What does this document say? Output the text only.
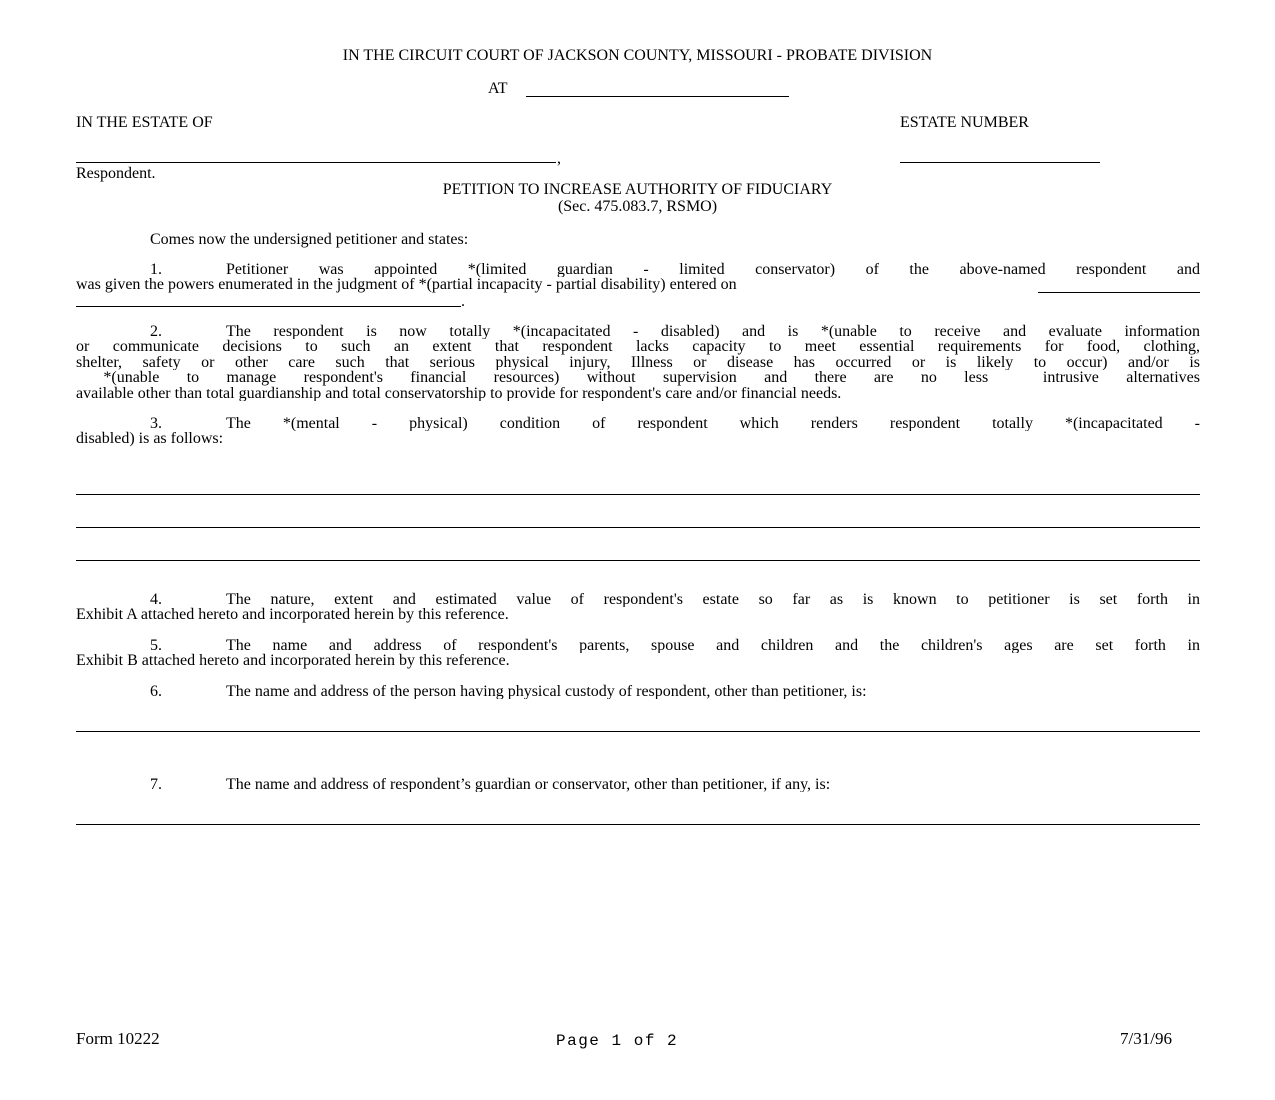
IN THE CIRCUIT COURT OF JACKSON COUNTY, MISSOURI - PROBATE DIVISION
AT
IN THE ESTATE OF	ESTATE NUMBER
,
Respondent.
PETITION TO INCREASE AUTHORITY OF FIDUCIARY
(Sec. 475.083.7, RSMO)
Comes now the undersigned petitioner and states:
1.	Petitioner was appointed *(limited guardian - limited conservator) of the above-named respondent and
was given the powers enumerated in the judgment of *(partial incapacity - partial disability) entered on
.
2.	The respondent is now totally *(incapacitated - disabled) and is *(unable to receive and evaluate information
or communicate decisions to such an extent that respondent lacks capacity to meet essential requirements for food, clothing,
shelter, safety or other care such that serious physical injury, Illness or disease has occurred or is likely to occur) and/or is
*(unable to manage respondent's financial resources) without supervision and there are no less  intrusive alternatives
available other than total guardianship and total conservatorship to provide for respondent's care and/or financial needs.
3.	The *(mental - physical) condition of respondent which renders respondent totally *(incapacitated -
disabled) is as follows:
4.	The nature, extent and estimated value of respondent's estate so far as is known to petitioner is set forth in
Exhibit A attached hereto and incorporated herein by this reference.
5.	The name and address of respondent's parents, spouse and children and the children's ages are set forth in
Exhibit B attached hereto and incorporated herein by this reference.
6.	The name and address of the person having physical custody of respondent, other than petitioner, is:
7.	The name and address of respondent’s guardian or conservator, other than petitioner, if any, is:
Form 10222	Page 1 of 2	7/31/96
